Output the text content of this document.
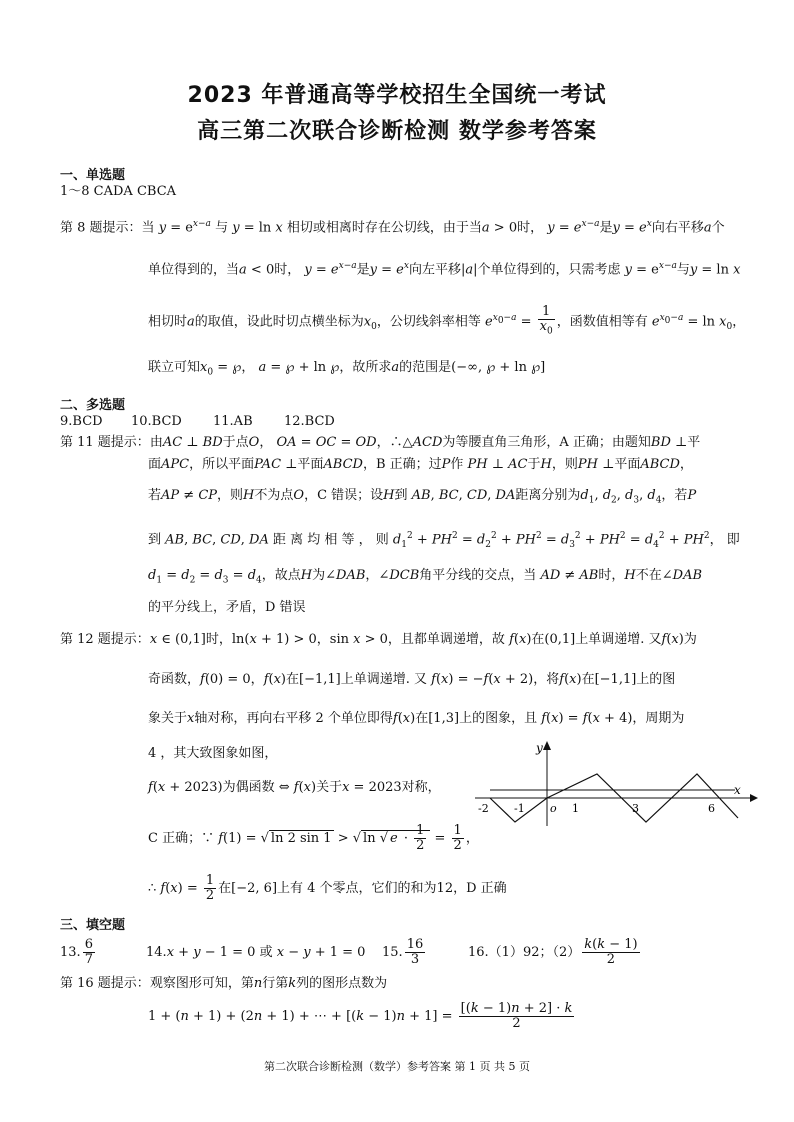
2023 年普通高等学校招生全国统一考试
高三第二次联合诊断检测 数学参考答案
一、单选题
1～8 CADA CBCA
第 8 题提示：当 $y = e^{x-a}$ 与 y = ln x 相切或相离时存在公切线，由于当a > 0时， $y = e^{x-a}$是$y = e^x$向右平移a个
单位得到的，当a < 0时， $y = e^{x-a}$是$y = e^x$向左平移|a|个单位得到的，只需考虑 $y = e^{x-a}$与y = ln x
相切时a的取值，设此时切点横坐标为$x_0$，公切线斜率相等 $e^{x_0-a} = \frac{1}{x_0}$ ，函数值相等有 $e^{x_0-a} = \ln x_0$，
联立可知$x_0$ = ℘， a = ℘ + ln ℘，故所求a的范围是(−∞, ℘ + ln ℘]
二、多选题
9.BCD 10.BCD 11.AB 12.BCD
第 11 题提示：由AC ⊥ BD于点O， OA = OC = OD，∴△ACD为等腰直角三角形，A 正确；由题知BD ⊥平
面APC，所以平面PAC ⊥平面ABCD，B 正确；过P作 PH ⊥ AC于H，则PH ⊥平面ABCD，
若AP ≠ CP，则H不为点O，C 错误；设H到 AB, BC, CD, DA距离分别为$d_1$, $d_2$, $d_3$, $d_4$，若P
到 AB, BC, CD, DA 距 离 均 相 等 ， 则 $d_1^2 + PH^2 = d_2^2 + PH^2 = d_3^2 + PH^2 = d_4^2 + PH^2$， 即
$d_1 = d_2 = d_3 = d_4$，故点H为∠DAB，∠DCB角平分线的交点，当 AD ≠ AB时，H不在∠DAB
的平分线上，矛盾，D 错误
第 12 题提示：x ∈ (0,1]时，ln(x + 1) > 0，sin x > 0，且都单调递增，故 f(x)在(0,1]上单调递增. 又f(x)为
奇函数，f(0) = 0，f(x)在[−1,1]上单调递增. 又 f(x) = −f(x + 2)，将f(x)在[−1,1]上的图
象关于x轴对称，再向右平移 2 个单位即得f(x)在[1,3]上的图象，且 f(x) = f(x + 4)，周期为
4 ，其大致图象如图，
f(x + 2023)为偶函数 ⇔ f(x)关于x = 2023对称，
C 正确；∵ f(1) = √ ln 2 sin 1 > √ ln √ $e \cdot \frac{1}{2} = \frac{1}{2}$ ，
∴ $f(x) = \frac{1}{2}$ 在[−2, 6]上有 4 个零点，它们的和为12，D 正确
y
x
o
-2 -1	1	3	6
三、填空题
13. $\frac{6}{7}$	14.x + y − 1 = 0 或 x − y + 1 = 0 15. $\frac{16}{3}$	16.（1）92；$(2) \frac{k(k - 1)}{2}$
第 16 题提示：观察图形可知，第n行第k列的图形点数为
1 + (n + 1) + (2n + 1) + ⋯ + $[(k - 1)n + 1] = \frac{[(k - 1)n + 2] \cdot k}{2}$
第二次联合诊断检测（数学）参考答案 第 1 页 共 5 页
